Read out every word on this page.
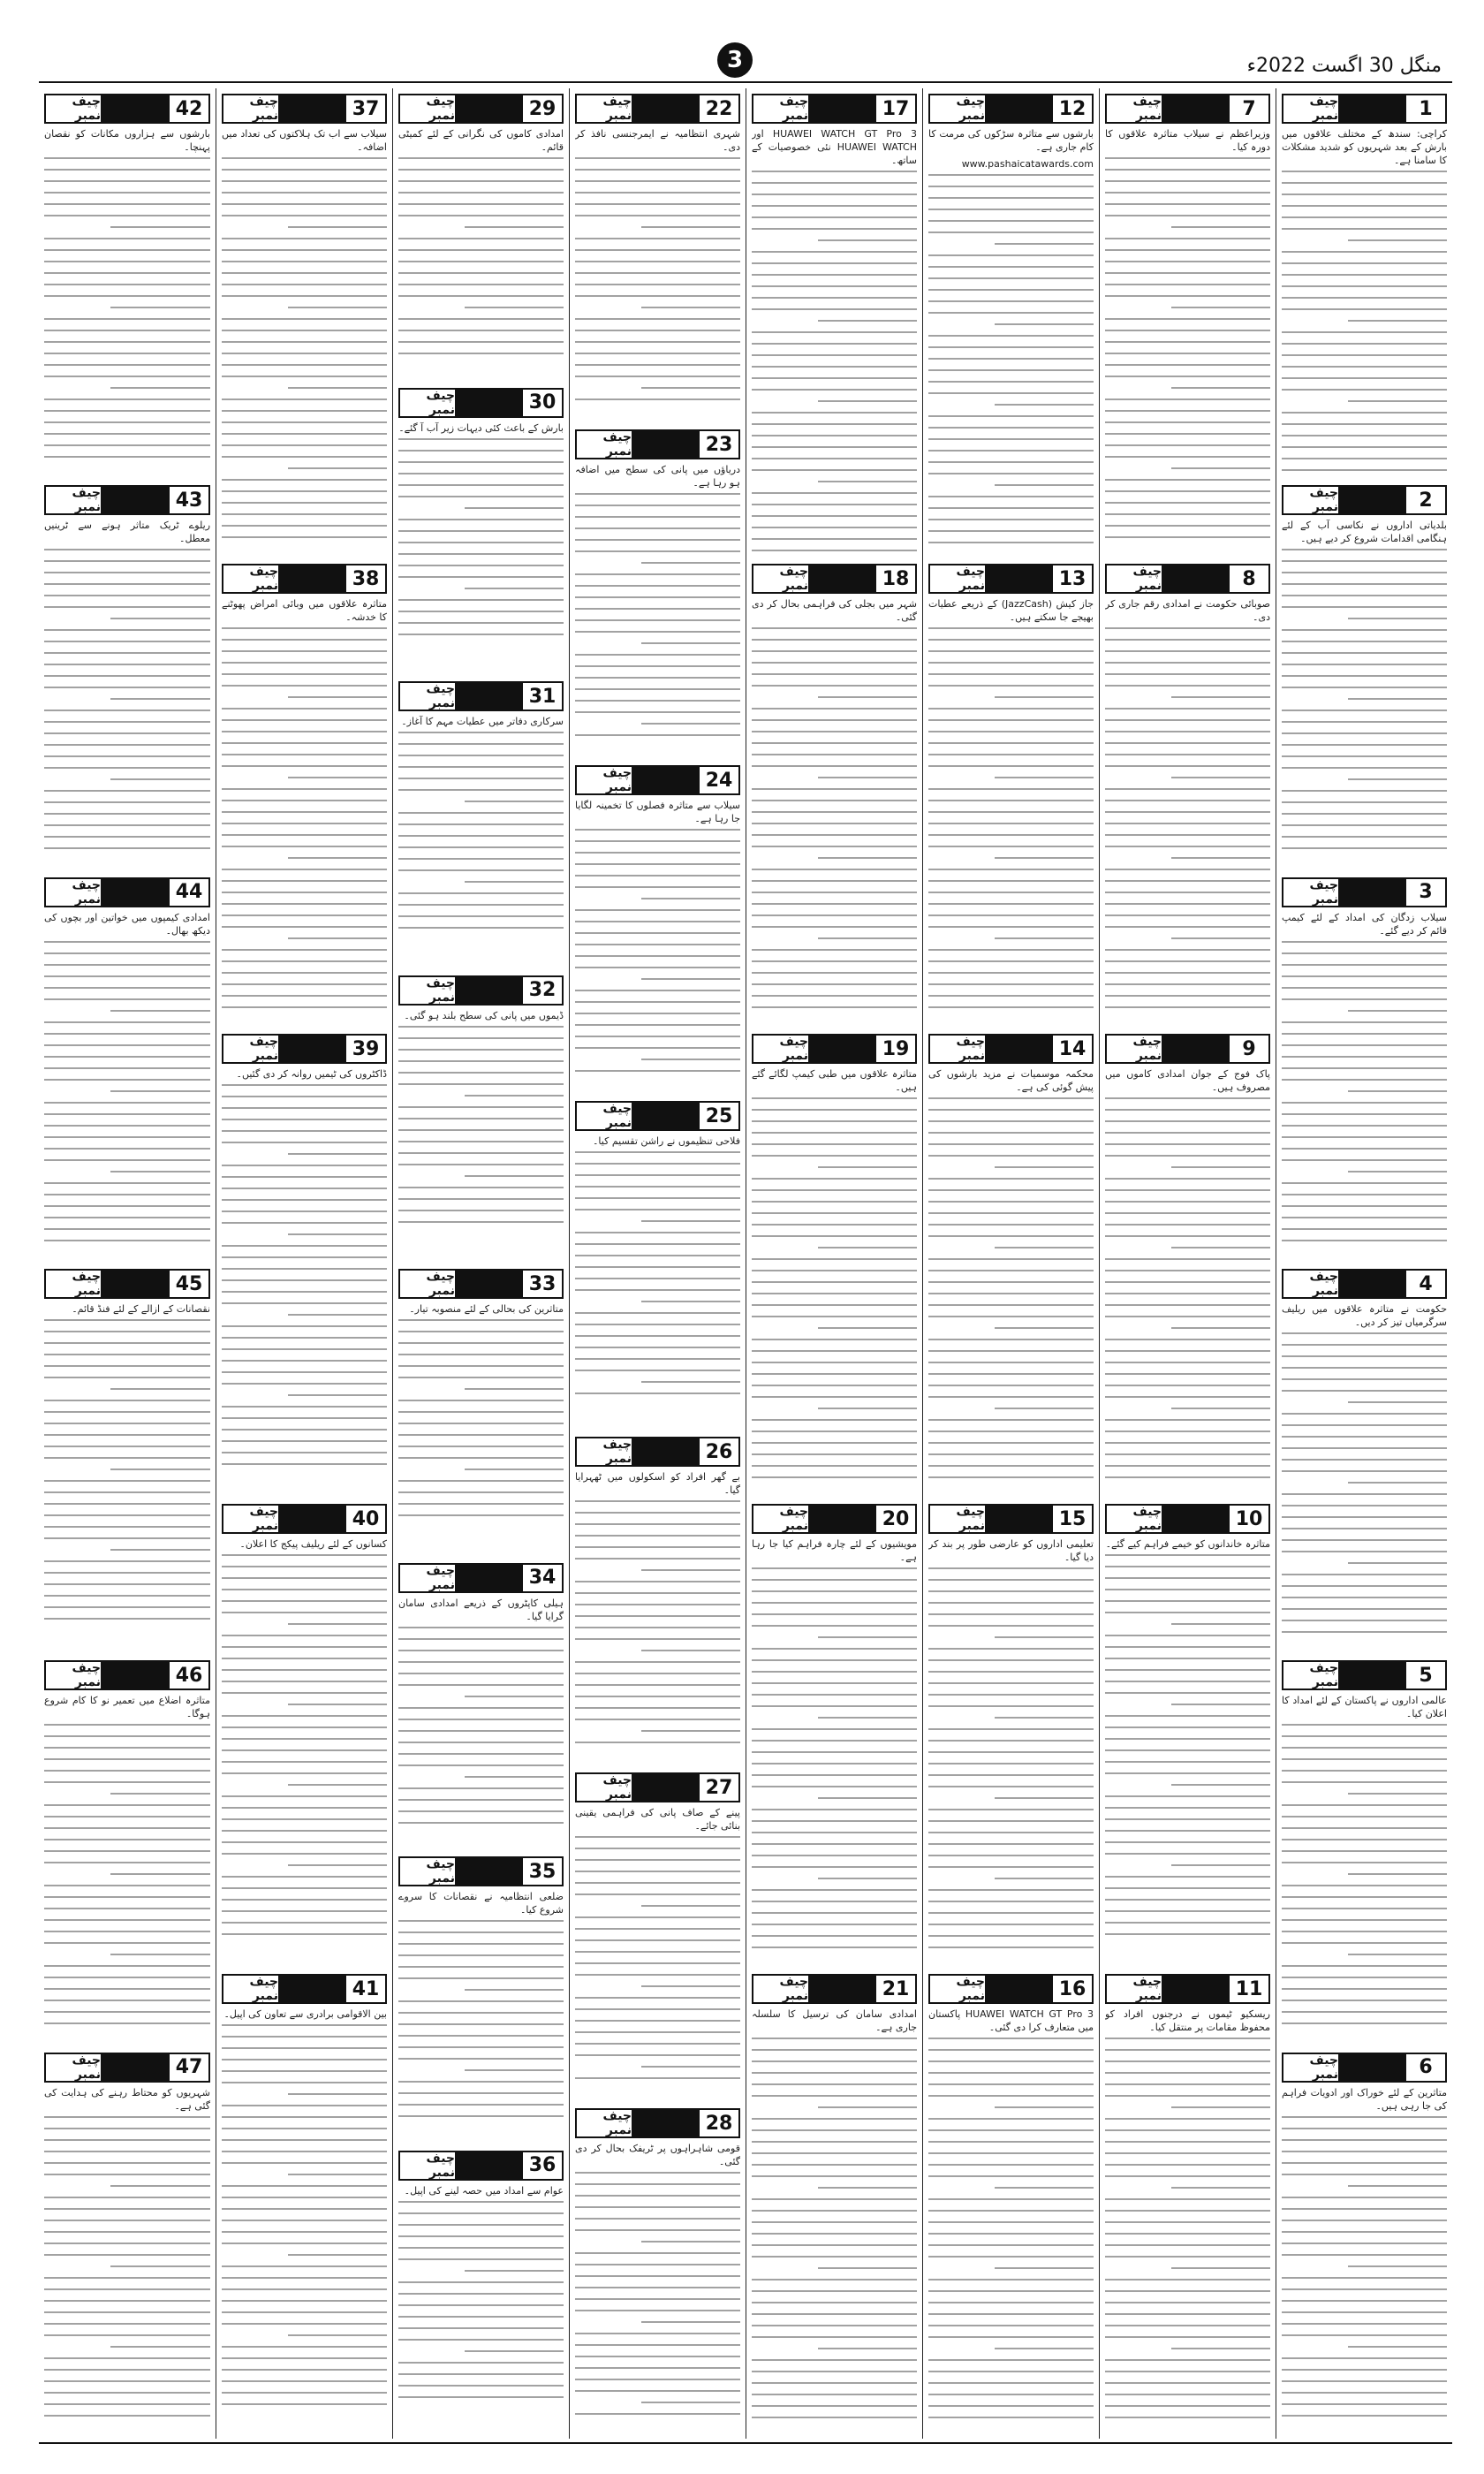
3	منگل 30 اگست 2022ء
1
چیف نمبر
کراچی: سندھ کے مختلف علاقوں میں بارش کے بعد شہریوں کو شدید مشکلات کا سامنا ہے۔
2
چیف نمبر
بلدیاتی اداروں نے نکاسی آب کے لئے ہنگامی اقدامات شروع کر دیے ہیں۔
3
چیف نمبر
سیلاب زدگان کی امداد کے لئے کیمپ قائم کر دیے گئے۔
4
چیف نمبر
حکومت نے متاثرہ علاقوں میں ریلیف سرگرمیاں تیز کر دیں۔
5
چیف نمبر
عالمی اداروں نے پاکستان کے لئے امداد کا اعلان کیا۔
6
چیف نمبر
متاثرین کے لئے خوراک اور ادویات فراہم کی جا رہی ہیں۔
7
چیف نمبر
وزیراعظم نے سیلاب متاثرہ علاقوں کا دورہ کیا۔
8
چیف نمبر
صوبائی حکومت نے امدادی رقم جاری کر دی۔
9
چیف نمبر
پاک فوج کے جوان امدادی کاموں میں مصروف ہیں۔
10
چیف نمبر
متاثرہ خاندانوں کو خیمے فراہم کیے گئے۔
11
چیف نمبر
ریسکیو ٹیموں نے درجنوں افراد کو محفوظ مقامات پر منتقل کیا۔
12
چیف نمبر
بارشوں سے متاثرہ سڑکوں کی مرمت کا کام جاری ہے۔
www.pashaicatawards.com
13
چیف نمبر
جاز کیش (JazzCash) کے ذریعے عطیات بھیجے جا سکتے ہیں۔
14
چیف نمبر
محکمہ موسمیات نے مزید بارشوں کی پیش گوئی کی ہے۔
15
چیف نمبر
تعلیمی اداروں کو عارضی طور پر بند کر دیا گیا۔
16
چیف نمبر
HUAWEI WATCH GT Pro 3 پاکستان میں متعارف کرا دی گئی۔
17
چیف نمبر
HUAWEI WATCH GT Pro 3 اور HUAWEI WATCH نئی خصوصیات کے ساتھ۔
18
چیف نمبر
شہر میں بجلی کی فراہمی بحال کر دی گئی۔
19
چیف نمبر
متاثرہ علاقوں میں طبی کیمپ لگائے گئے ہیں۔
20
چیف نمبر
مویشیوں کے لئے چارہ فراہم کیا جا رہا ہے۔
21
چیف نمبر
امدادی سامان کی ترسیل کا سلسلہ جاری ہے۔
22
چیف نمبر
شہری انتظامیہ نے ایمرجنسی نافذ کر دی۔
23
چیف نمبر
دریاؤں میں پانی کی سطح میں اضافہ ہو رہا ہے۔
24
چیف نمبر
سیلاب سے متاثرہ فصلوں کا تخمینہ لگایا جا رہا ہے۔
25
چیف نمبر
فلاحی تنظیموں نے راشن تقسیم کیا۔
26
چیف نمبر
بے گھر افراد کو اسکولوں میں ٹھہرایا گیا۔
27
چیف نمبر
پینے کے صاف پانی کی فراہمی یقینی بنائی جائے۔
28
چیف نمبر
قومی شاہراہوں پر ٹریفک بحال کر دی گئی۔
29
چیف نمبر
امدادی کاموں کی نگرانی کے لئے کمیٹی قائم۔
30
چیف نمبر
بارش کے باعث کئی دیہات زیر آب آ گئے۔
31
چیف نمبر
سرکاری دفاتر میں عطیات مہم کا آغاز۔
32
چیف نمبر
ڈیموں میں پانی کی سطح بلند ہو گئی۔
33
چیف نمبر
متاثرین کی بحالی کے لئے منصوبہ تیار۔
34
چیف نمبر
ہیلی کاپٹروں کے ذریعے امدادی سامان گرایا گیا۔
35
چیف نمبر
ضلعی انتظامیہ نے نقصانات کا سروے شروع کیا۔
36
چیف نمبر
عوام سے امداد میں حصہ لینے کی اپیل۔
37
چیف نمبر
سیلاب سے اب تک ہلاکتوں کی تعداد میں اضافہ۔
38
چیف نمبر
متاثرہ علاقوں میں وبائی امراض پھوٹنے کا خدشہ۔
39
چیف نمبر
ڈاکٹروں کی ٹیمیں روانہ کر دی گئیں۔
40
چیف نمبر
کسانوں کے لئے ریلیف پیکج کا اعلان۔
41
چیف نمبر
بین الاقوامی برادری سے تعاون کی اپیل۔
42
چیف نمبر
بارشوں سے ہزاروں مکانات کو نقصان پہنچا۔
43
چیف نمبر
ریلوے ٹریک متاثر ہونے سے ٹرینیں معطل۔
44
چیف نمبر
امدادی کیمپوں میں خواتین اور بچوں کی دیکھ بھال۔
45
چیف نمبر
نقصانات کے ازالے کے لئے فنڈ قائم۔
46
چیف نمبر
متاثرہ اضلاع میں تعمیر نو کا کام شروع ہوگا۔
47
چیف نمبر
شہریوں کو محتاط رہنے کی ہدایت کی گئی ہے۔
